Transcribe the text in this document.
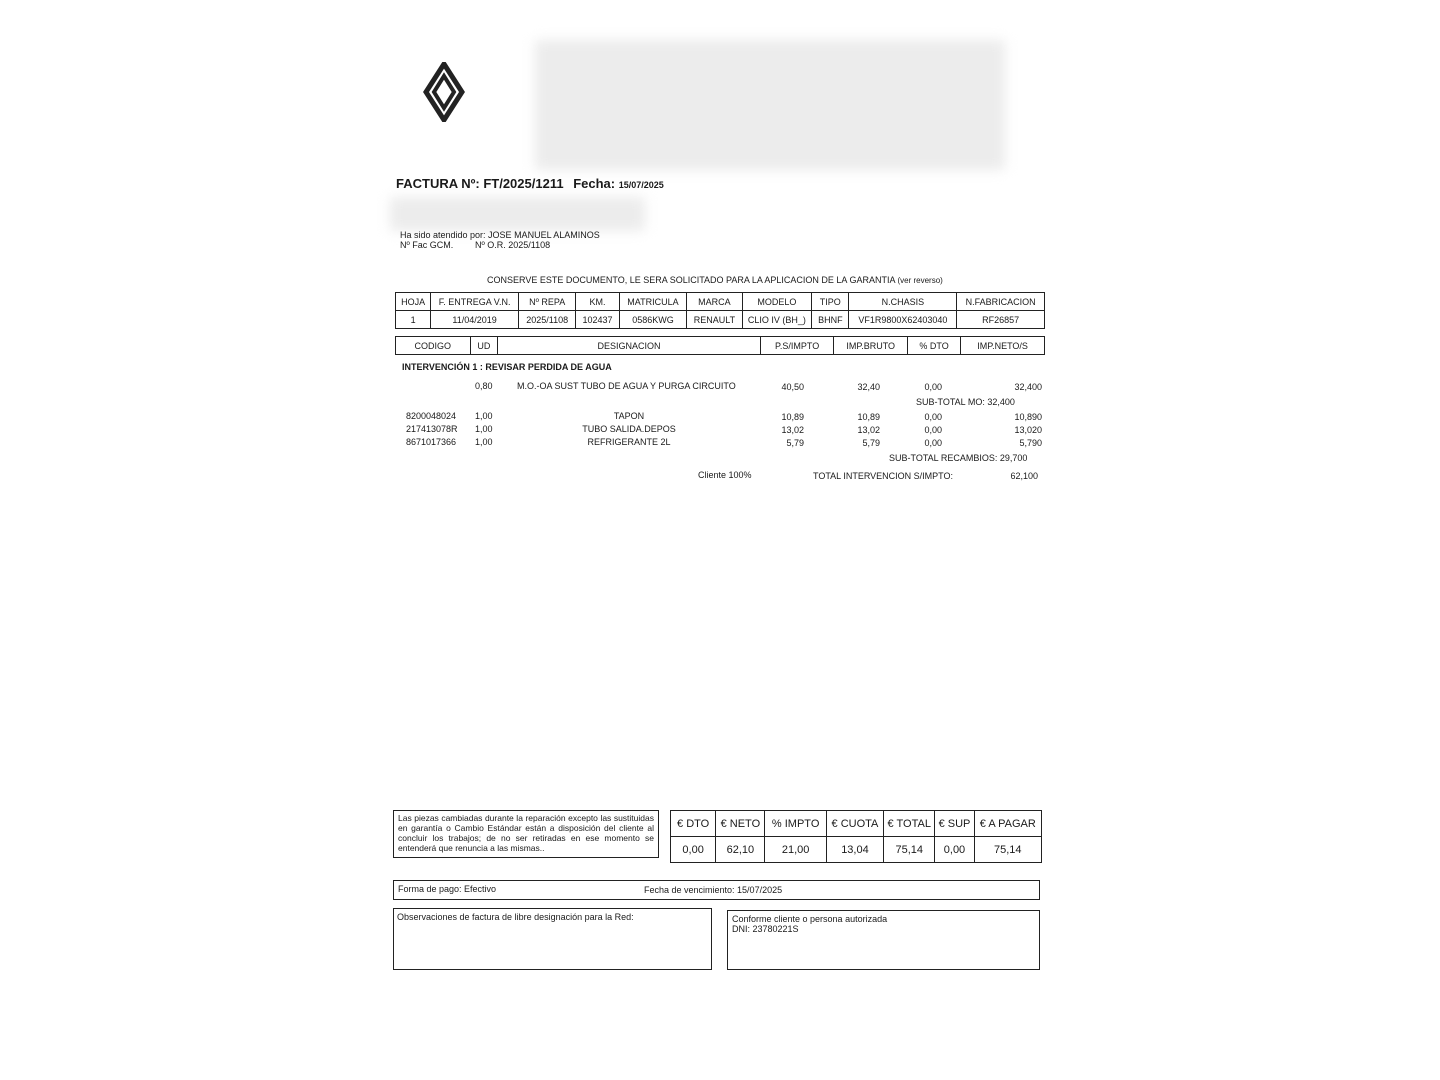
FACTURA Nº: FT/2025/1211 Fecha: 15/07/2025
Ha sido atendido por: JOSE MANUEL ALAMINOS
Nº Fac GCM. Nº O.R. 2025/1108
CONSERVE ESTE DOCUMENTO, LE SERA SOLICITADO PARA LA APLICACION DE LA GARANTIA (ver reverso)
HOJA	F. ENTREGA V.N.	Nº REPA	KM.	MATRICULA	MARCA	MODELO	TIPO	N.CHASIS	N.FABRICACION
1	11/04/2019	2025/1108	102437	0586KWG	RENAULT	CLIO IV (BH_)	BHNF	VF1R9800X62403040	RF26857
CODIGO	UD	DESIGNACION	P.S/IMPTO	IMP.BRUTO	% DTO	IMP.NETO/S
INTERVENCIÓN 1 : REVISAR PERDIDA DE AGUA
0,80	M.O.-OA SUST TUBO DE AGUA Y PURGA CIRCUITO	40,50	32,40	0,00	32,400
SUB-TOTAL MO: 32,400
8200048024 1,00	TAPON	10,89	10,89	0,00	10,890
217413078R 1,00	TUBO SALIDA.DEPOS	13,02	13,02	0,00	13,020
8671017366 1,00	REFRIGERANTE 2L	5,79	5,79	0,00	5,790
SUB-TOTAL RECAMBIOS: 29,700
Cliente 100%	TOTAL INTERVENCION S/IMPTO:	62,100
Las piezas cambiadas durante la reparación excepto las sustituidas en garantía o Cambio Estándar están a disposición del cliente al concluir los trabajos; de no ser retiradas en ese momento se entenderá que renuncia a las mismas..
€ DTO	€ NETO	% IMPTO	€ CUOTA	€ TOTAL	€ SUP	€ A PAGAR
0,00	62,10	21,00	13,04	75,14	0,00	75,14
Forma de pago: Efectivo	Fecha de vencimiento: 15/07/2025
Observaciones de factura de libre designación para la Red:	Conforme cliente o persona autorizada
DNI: 23780221S
